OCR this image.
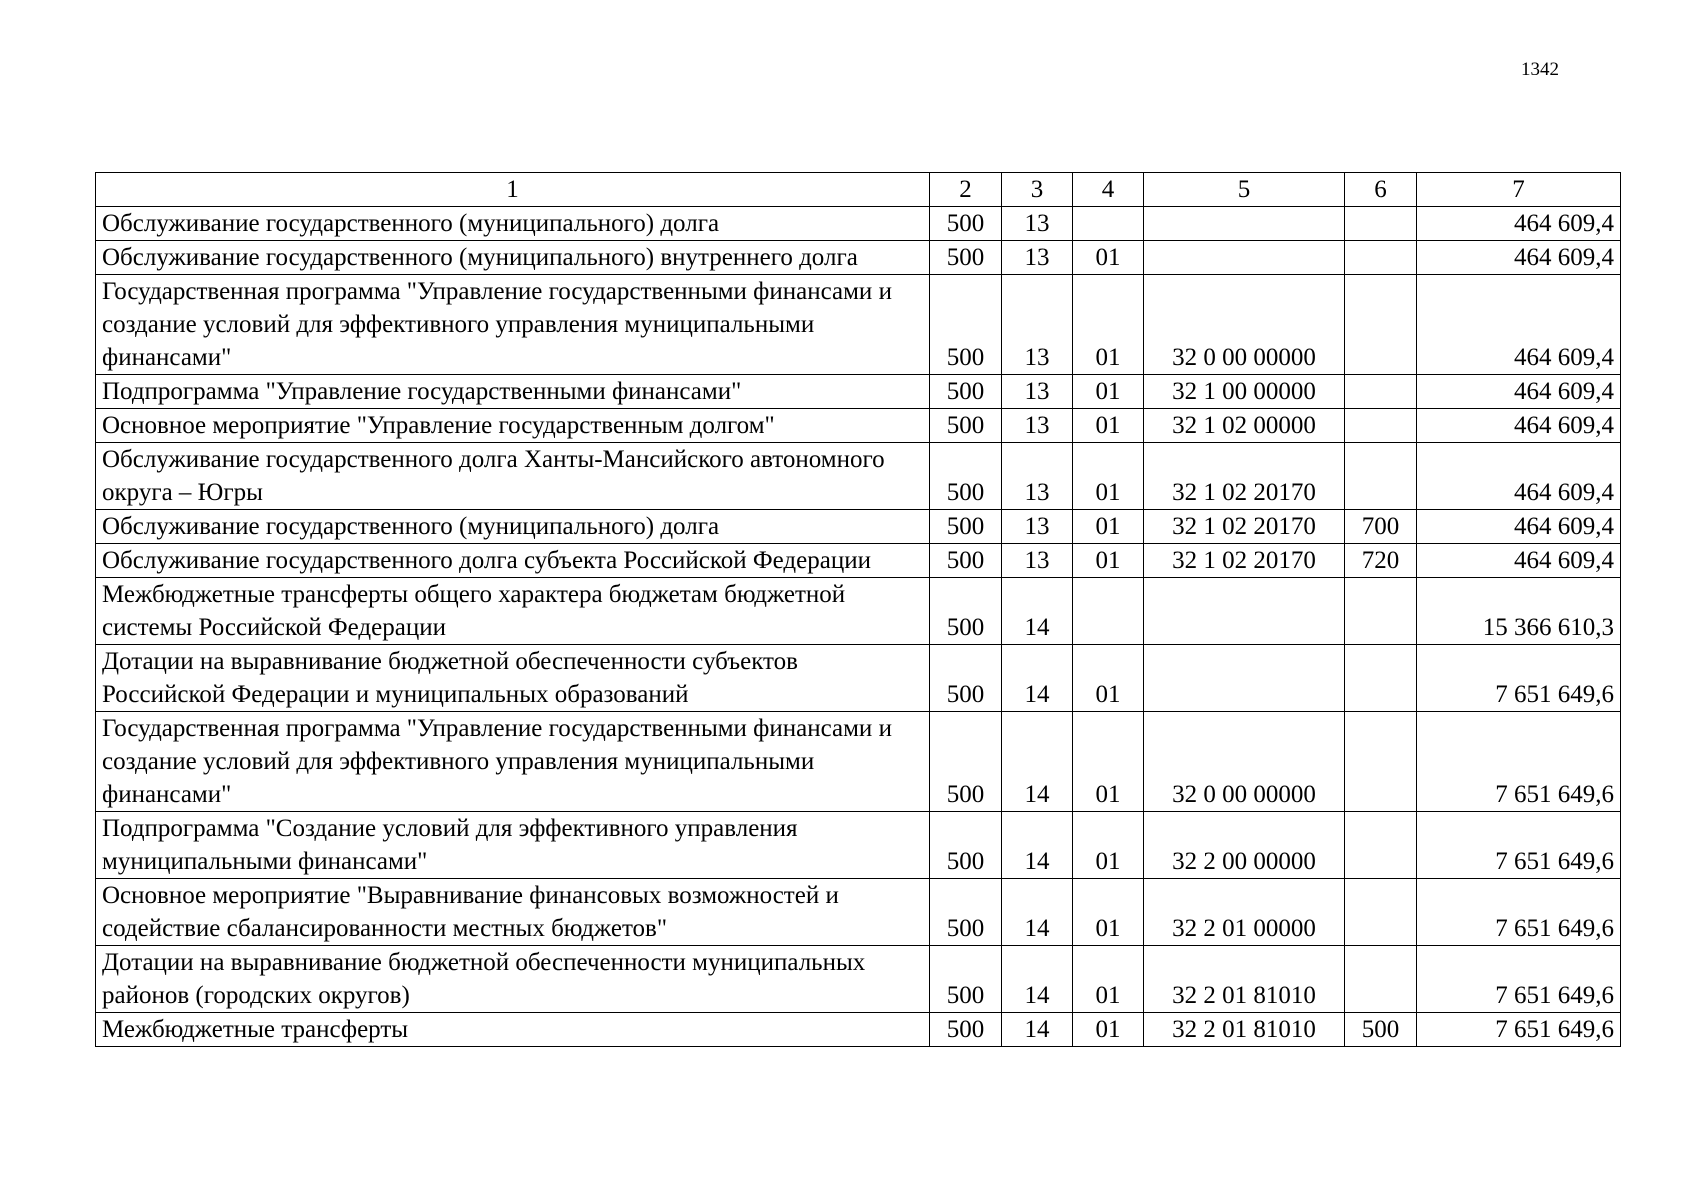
1342
1	2	3	4	5	6	7
Обслуживание государственного (муниципального) долга	500	13				464 609,4
Обслуживание государственного (муниципального) внутреннего долга	500	13	01			464 609,4
Государственная программа "Управление государственными финансами и создание условий для эффективного управления муниципальными финансами"	500	13	01	32 0 00 00000		464 609,4
Подпрограмма "Управление государственными финансами"	500	13	01	32 1 00 00000		464 609,4
Основное мероприятие "Управление государственным долгом"	500	13	01	32 1 02 00000		464 609,4
Обслуживание государственного долга Ханты-Мансийского автономного округа – Югры	500	13	01	32 1 02 20170		464 609,4
Обслуживание государственного (муниципального) долга	500	13	01	32 1 02 20170	700	464 609,4
Обслуживание государственного долга субъекта Российской Федерации	500	13	01	32 1 02 20170	720	464 609,4
Межбюджетные трансферты общего характера бюджетам бюджетной системы Российской Федерации	500	14				15 366 610,3
Дотации на выравнивание бюджетной обеспеченности субъектов Российской Федерации и муниципальных образований	500	14	01			7 651 649,6
Государственная программа "Управление государственными финансами и создание условий для эффективного управления муниципальными финансами"	500	14	01	32 0 00 00000		7 651 649,6
Подпрограмма "Создание условий для эффективного управления муниципальными финансами"	500	14	01	32 2 00 00000		7 651 649,6
Основное мероприятие "Выравнивание финансовых возможностей и содействие сбалансированности местных бюджетов"	500	14	01	32 2 01 00000		7 651 649,6
Дотации на выравнивание бюджетной обеспеченности муниципальных районов (городских округов)	500	14	01	32 2 01 81010		7 651 649,6
Межбюджетные трансферты	500	14	01	32 2 01 81010	500	7 651 649,6
